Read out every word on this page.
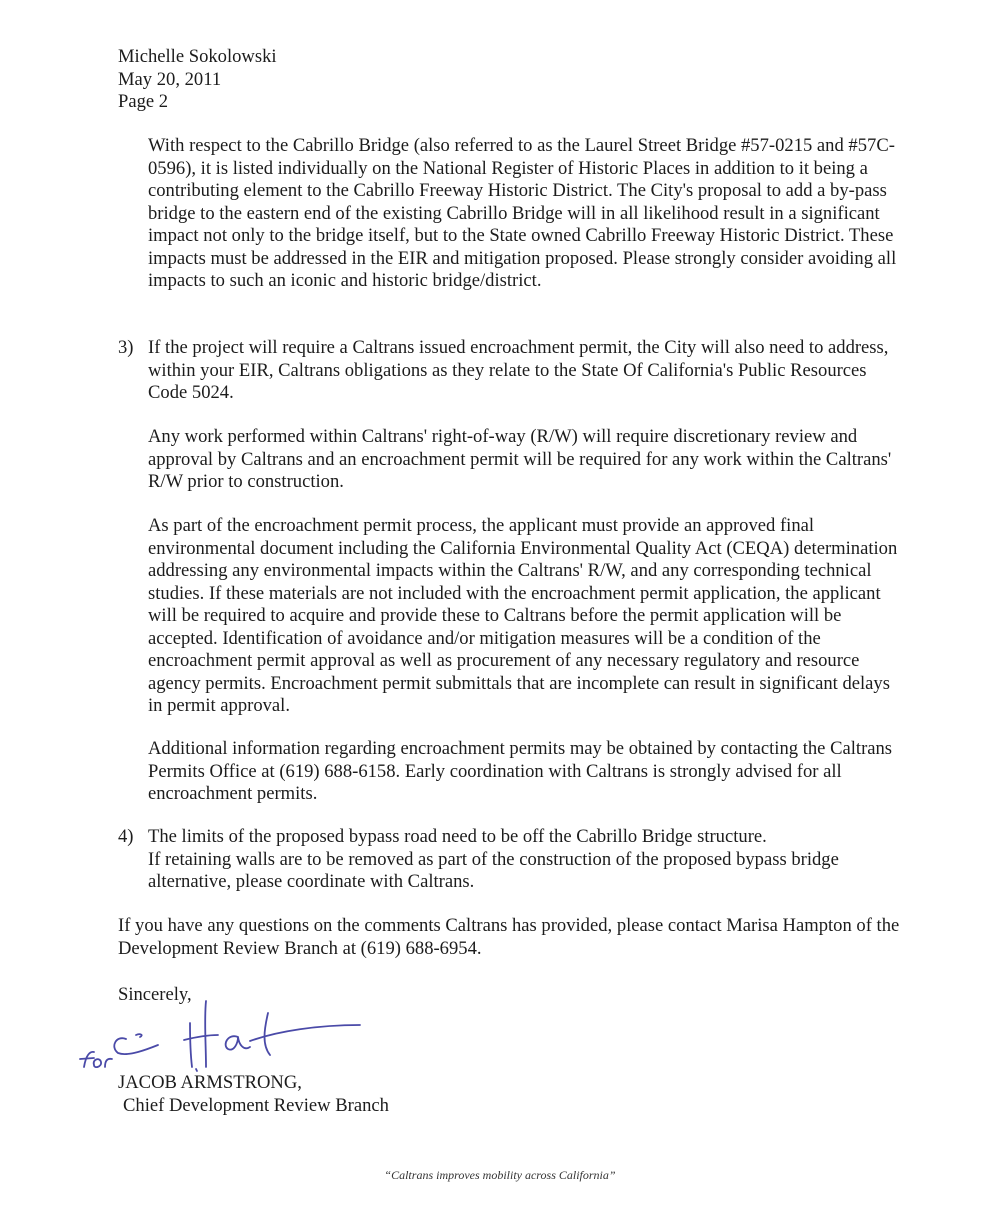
Michelle Sokolowski
May 20, 2011
Page 2

With respect to the Cabrillo Bridge (also referred to as the Laurel Street Bridge #57-0215 and #57C-0596), it is listed individually on the National Register of Historic Places in addition to it being a contributing element to the Cabrillo Freeway Historic District. The City's proposal to add a by-pass bridge to the eastern end of the existing Cabrillo Bridge will in all likelihood result in a significant impact not only to the bridge itself, but to the State owned Cabrillo Freeway Historic District. These impacts must be addressed in the EIR and mitigation proposed. Please strongly consider avoiding all impacts to such an iconic and historic bridge/district.

3) If the project will require a Caltrans issued encroachment permit, the City will also need to address, within your EIR, Caltrans obligations as they relate to the State Of California's Public Resources Code 5024.

Any work performed within Caltrans' right-of-way (R/W) will require discretionary review and approval by Caltrans and an encroachment permit will be required for any work within the Caltrans' R/W prior to construction.

As part of the encroachment permit process, the applicant must provide an approved final environmental document including the California Environmental Quality Act (CEQA) determination addressing any environmental impacts within the Caltrans' R/W, and any corresponding technical studies. If these materials are not included with the encroachment permit application, the applicant will be required to acquire and provide these to Caltrans before the permit application will be accepted. Identification of avoidance and/or mitigation measures will be a condition of the encroachment permit approval as well as procurement of any necessary regulatory and resource agency permits. Encroachment permit submittals that are incomplete can result in significant delays in permit approval.

Additional information regarding encroachment permits may be obtained by contacting the Caltrans Permits Office at (619) 688-6158. Early coordination with Caltrans is strongly advised for all encroachment permits.

4) The limits of the proposed bypass road need to be off the Cabrillo Bridge structure.
If retaining walls are to be removed as part of the construction of the proposed bypass bridge alternative, please coordinate with Caltrans.

If you have any questions on the comments Caltrans has provided, please contact Marisa Hampton of the Development Review Branch at (619) 688-6954.

Sincerely,
JACOB ARMSTRONG,
Chief Development Review Branch
“Caltrans improves mobility across California”
